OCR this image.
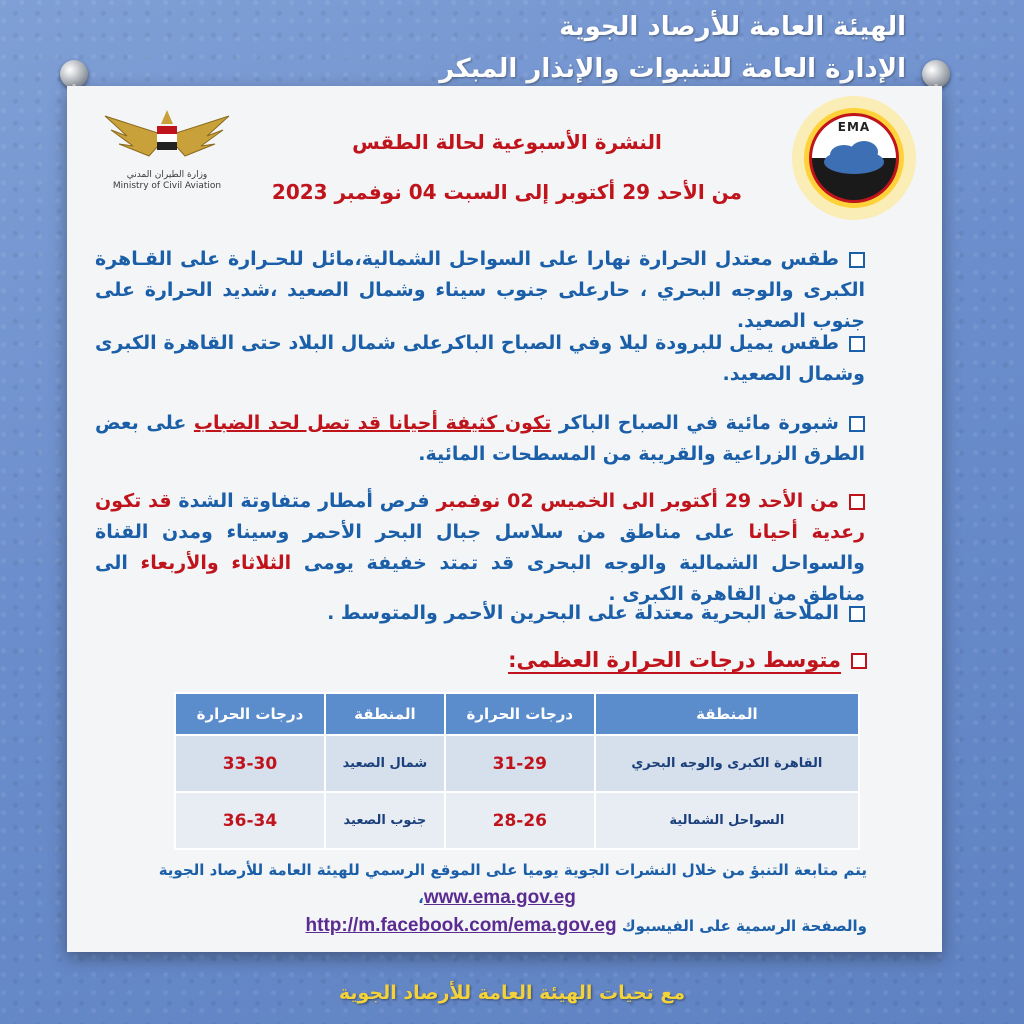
الهيئة العامة للأرصاد الجوية
الإدارة العامة للتنبوات والإنذار المبكر
وزارة الطيران المدني
Ministry of Civil Aviation
EMA
النشرة الأسبوعية لحالة الطقس
من الأحد 29 أكتوبر إلى السبت 04 نوفمبر 2023
طقس معتدل الحرارة نهارا على السواحل الشمالية،مائل للحـرارة على القـاهرة الكبرى والوجه البحري ، حارعلى جنوب سيناء وشمال الصعيد ،شديد الحرارة على جنوب الصعيد.
طقس يميل للبرودة ليلا وفي الصباح الباكرعلى شمال البلاد حتى القاهرة الكبرى وشمال الصعيد.
شبورة مائية في الصباح الباكر تكون كثيفة أحيانا قد تصل لحد الضباب على بعض الطرق الزراعية والقريبة من المسطحات المائية.
من الأحد 29 أكتوبر الى الخميس 02 نوفمبر فرص أمطار متفاوتة الشدة قد تكون رعدية أحيانا على مناطق من سلاسل جبال البحر الأحمر وسيناء ومدن القناة والسواحل الشمالية والوجه البحرى قد تمتد خفيفة يومى الثلاثاء والأربعاء الى مناطق من القاهرة الكبرى .
الملاحة البحرية معتدلة على البحرين الأحمر والمتوسط .
متوسط درجات الحرارة العظمى:
المنطقة	درجات الحرارة	المنطقة	درجات الحرارة
القاهرة الكبرى والوجه البحري	31-29	شمال الصعيد	33-30
السواحل الشمالية	28-26	جنوب الصعيد	36-34
يتم متابعة التنبؤ من خلال النشرات الجوية يوميا على الموقع الرسمي للهيئة العامة للأرصاد الجوية
www.ema.gov.eg،
والصفحة الرسمية على الفيسبوك http://m.facebook.com/ema.gov.eg
مع تحيات الهيئة العامة للأرصاد الجوية
